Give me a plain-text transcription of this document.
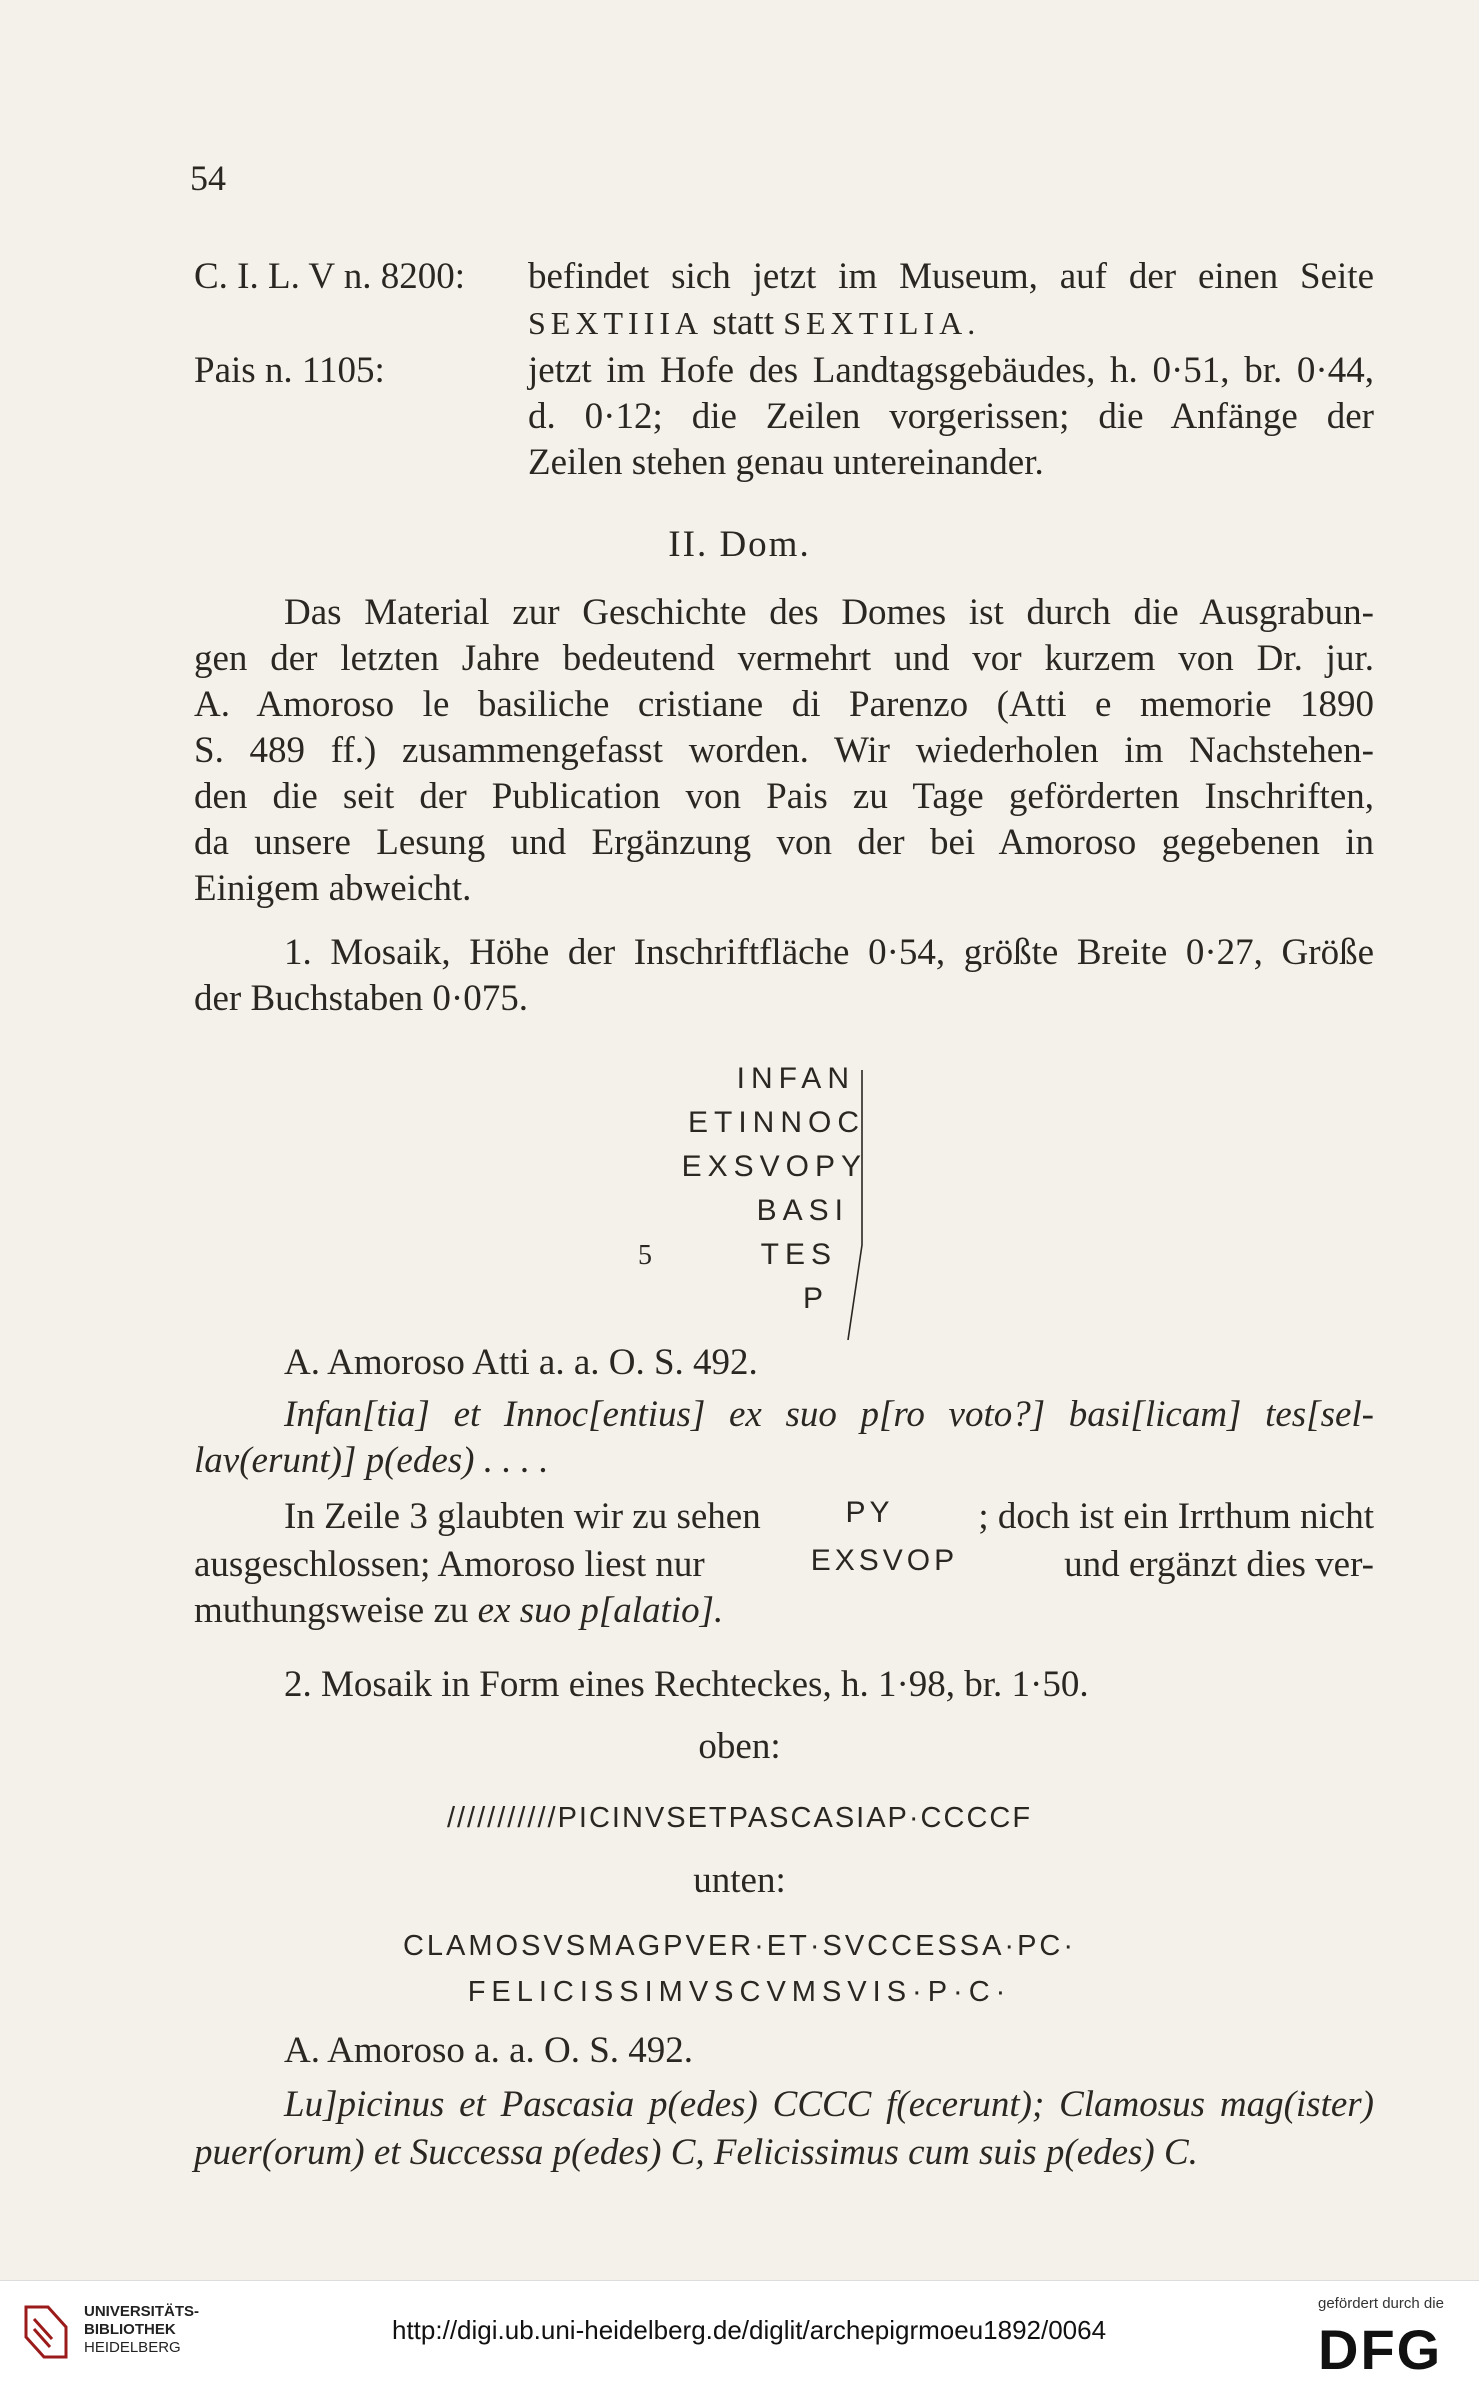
54
C. I. L. V n. 8200: befindet sich jetzt im Museum, auf der einen Seite
SEXTIIIA statt SEXTILIA.
Pais n. 1105:	jetzt im Hofe des Landtagsgebäudes, h. 0·51, br. 0·44,
d. 0·12; die Zeilen vorgerissen; die Anfänge der
Zeilen stehen genau untereinander.
II. Dom.
Das Material zur Geschichte des Domes ist durch die Ausgrabun-
gen der letzten Jahre bedeutend vermehrt und vor kurzem von Dr. jur.
A. Amoroso le basiliche cristiane di Parenzo (Atti e memorie 1890
S. 489 ff.) zusammengefasst worden. Wir wiederholen im Nachstehen-
den die seit der Publication von Pais zu Tage geförderten Inschriften,
da unsere Lesung und Ergänzung von der bei Amoroso gegebenen in
Einigem abweicht.
1. Mosaik, Höhe der Inschriftfläche 0·54, größte Breite 0·27, Größe
der Buchstaben 0·075.
INFAN
ETINNOC
EXSVOPY
BASI
5	TES
P
A. Amoroso Atti a. a. O. S. 492.
Infan[tia] et Innoc[entius] ex suo p[ro voto?] basi[licam] tes[sel-
lav(erunt)] p(edes) . . . .
In Zeile 3 glaubten wir zu sehen	PY ; doch ist ein Irrthum nicht
ausgeschlossen; Amoroso liest nur	EXSVOP	und ergänzt dies ver-
muthungsweise zu ex suo p[alatio].
2. Mosaik in Form eines Rechteckes, h. 1·98, br. 1·50.
oben:
///////////PICINVSETPASCASIAP·CCCCF
unten:
CLAMOSVSMAGPVER·ET·SVCCESSA·PC·
FELICISSIMVSCVMSVIS·P·C·
A. Amoroso a. a. O. S. 492.
Lu]picinus et Pascasia p(edes) CCCC f(ecerunt); Clamosus mag(ister)
puer(orum) et Successa p(edes) C, Felicissimus cum suis p(edes) C.
UNIVERSITÄTS-
BIBLIOTHEK
HEIDELBERG
http://digi.ub.uni-heidelberg.de/diglit/archepigrmoeu1892/0064
gefördert durch die
DFG
